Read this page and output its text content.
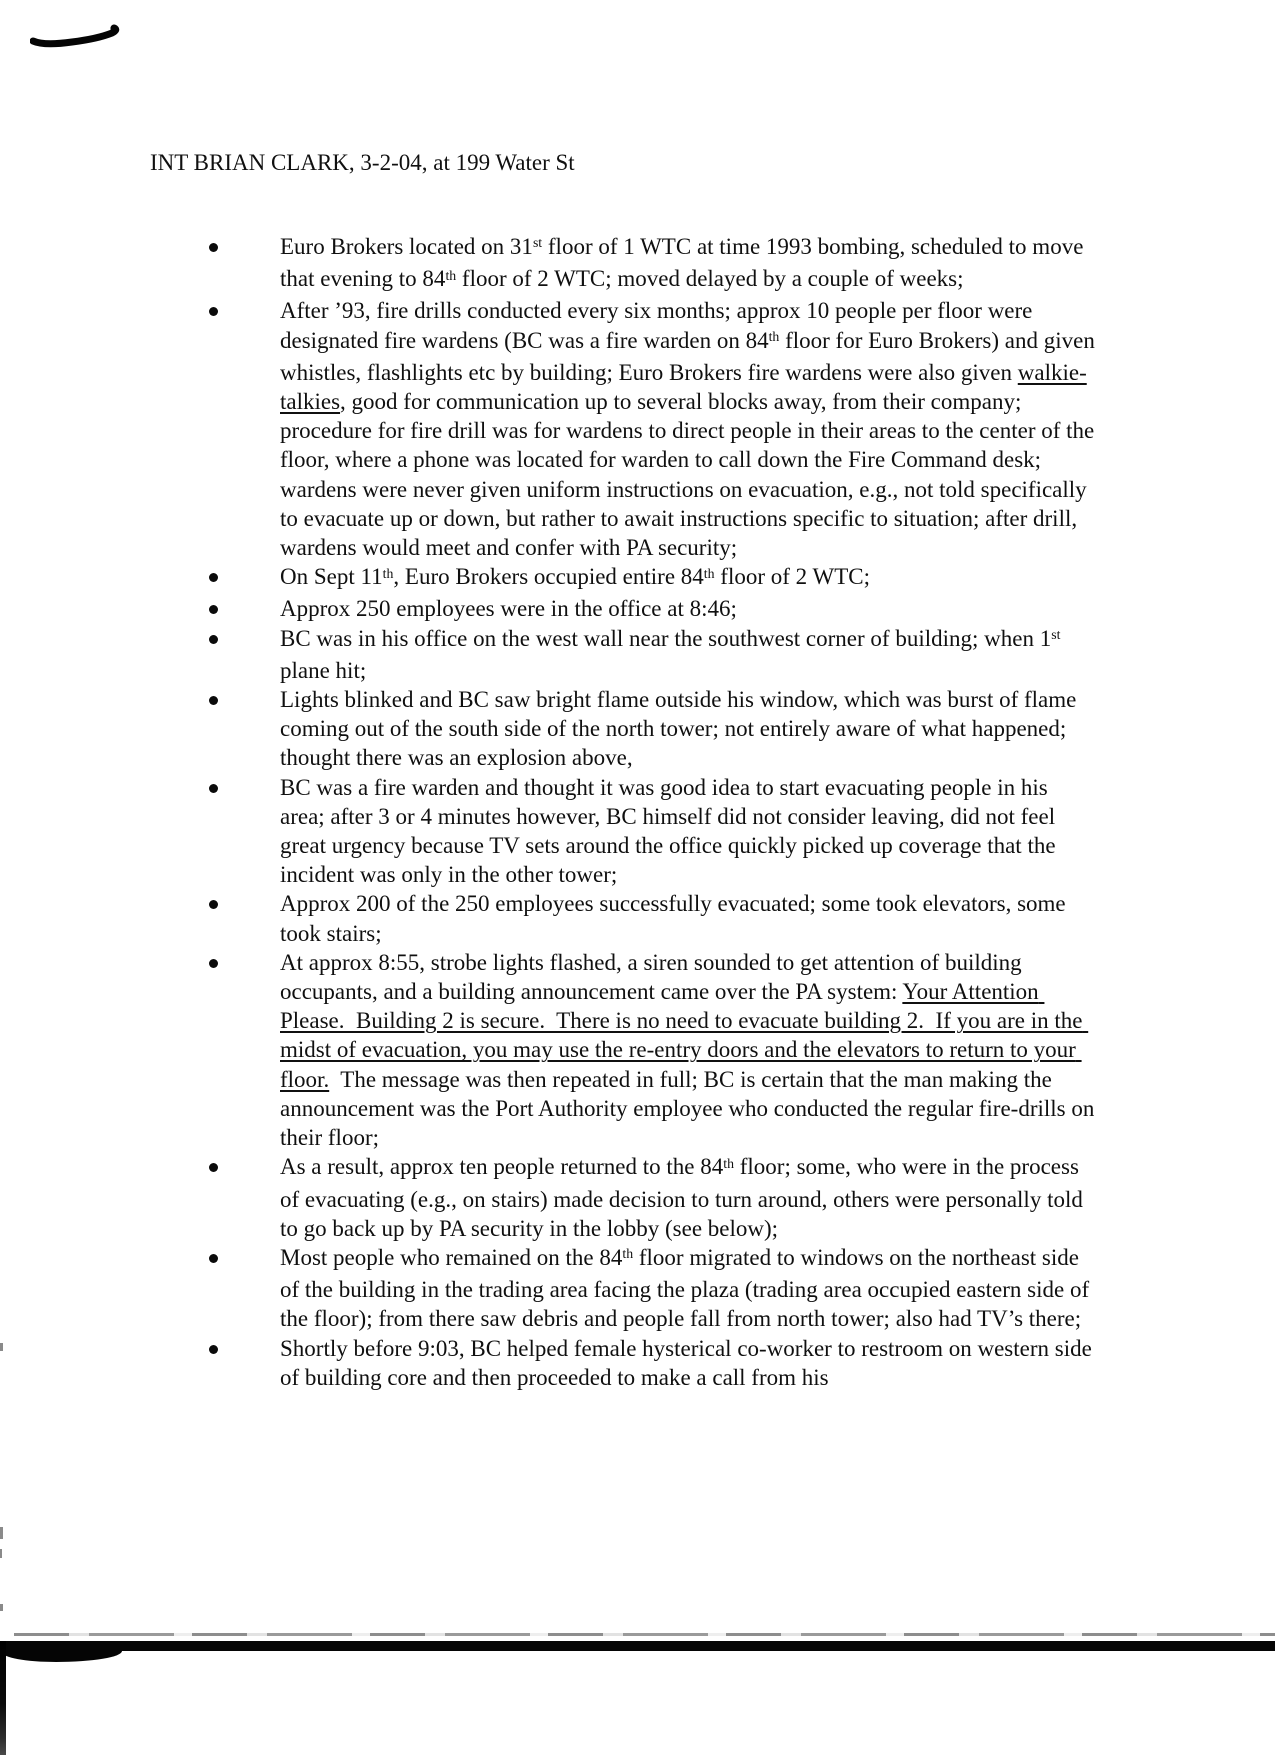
INT BRIAN CLARK, 3-2-04, at 199 Water St
Euro Brokers located on 31st floor of 1 WTC at time 1993 bombing, scheduled to move that evening to 84th floor of 2 WTC; moved delayed by a couple of weeks;
After ’93, fire drills conducted every six months; approx 10 people per floor were designated fire wardens (BC was a fire warden on 84th floor for Euro Brokers) and given whistles, flashlights etc by building; Euro Brokers fire wardens were also given walkie-talkies, good for communication up to several blocks away, from their company; procedure for fire drill was for wardens to direct people in their areas to the center of the floor, where a phone was located for warden to call down the Fire Command desk; wardens were never given uniform instructions on evacuation, e.g., not told specifically to evacuate up or down, but rather to await instructions specific to situation; after drill, wardens would meet and confer with PA security;
On Sept 11th, Euro Brokers occupied entire 84th floor of 2 WTC;
Approx 250 employees were in the office at 8:46;
BC was in his office on the west wall near the southwest corner of building; when 1st plane hit;
Lights blinked and BC saw bright flame outside his window, which was burst of flame coming out of the south side of the north tower; not entirely aware of what happened; thought there was an explosion above,
BC was a fire warden and thought it was good idea to start evacuating people in his area; after 3 or 4 minutes however, BC himself did not consider leaving, did not feel great urgency because TV sets around the office quickly picked up coverage that the incident was only in the other tower;
Approx 200 of the 250 employees successfully evacuated; some took elevators, some took stairs;
At approx 8:55, strobe lights flashed, a siren sounded to get attention of building occupants, and a building announcement came over the PA system: Your Attention Please.  Building 2 is secure.  There is no need to evacuate building 2.  If you are in the midst of evacuation, you may use the re-entry doors and the elevators to return to your floor.  The message was then repeated in full; BC is certain that the man making the announcement was the Port Authority employee who conducted the regular fire-drills on their floor;
As a result, approx ten people returned to the 84th floor; some, who were in the process of evacuating (e.g., on stairs) made decision to turn around, others were personally told to go back up by PA security in the lobby (see below);
Most people who remained on the 84th floor migrated to windows on the northeast side of the building in the trading area facing the plaza (trading area occupied eastern side of the floor); from there saw debris and people fall from north tower; also had TV’s there;
Shortly before 9:03, BC helped female hysterical co-worker to restroom on western side of building core and then proceeded to make a call from his
